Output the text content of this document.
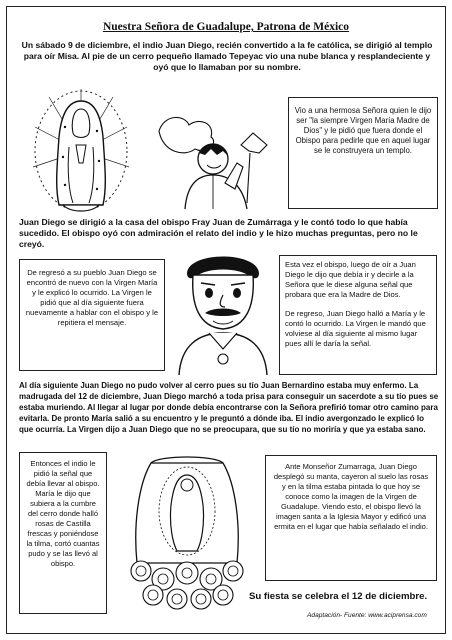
Nuestra Señora de Guadalupe, Patrona de México
Un sábado 9 de diciembre, el indio Juan Diego, recién convertido a la fe católica, se dirigió al templo para oír Misa. Al pie de un cerro pequeño llamado Tepeyac vio una nube blanca y resplandeciente y oyó que lo llamaban por su nombre.
Vio a una hermosa Señora quien le dijo ser "la siempre Virgen María Madre de Dios" y le pidió que fuera donde el Obispo para pedirle que en aquel lugar se le construyera un templo.
Juan Diego se dirigió a la casa del obispo Fray Juan de Zumárraga y le contó todo lo que había sucedido. El obispo oyó con admiración el relato del indio y le hizo muchas preguntas, pero no le creyó.
De regresó a su pueblo Juan Diego se encontró de nuevo con la Virgen María y le explicó lo ocurrido. La Virgen le pidió que al día siguiente fuera nuevamente a hablar con el obispo y le repitiera el mensaje.
Esta vez el obispo, luego de oír a Juan Diego le dijo que debía ir y decirle a la Señora que le diese alguna señal que probara que era la Madre de Dios.
De regreso, Juan Diego halló a María y le contó lo ocurrido. La Virgen le mandó que volviese al día siguiente al mismo lugar pues allí le daría la señal.
Al día siguiente Juan Diego no pudo volver al cerro pues su tío Juan Bernardino estaba muy enfermo. La madrugada del 12 de diciembre, Juan Diego marchó a toda prisa para conseguir un sacerdote a su tío pues se estaba muriendo. Al llegar al lugar por donde debía encontrarse con la Señora prefirió tomar otro camino para evitarla. De pronto María salió a su encuentro y le preguntó a dónde iba. El indio avergonzado le explicó lo que ocurría. La Virgen dijo a Juan Diego que no se preocupara, que su tío no moriría y que ya estaba sano.
Entonces el indio le pidió la señal que debía llevar al obispo. María le dijo que subiera a la cumbre del cerro donde halló rosas de Castilla frescas y poniéndose la tilma, cortó cuantas pudo y se las llevó al obispo.
Ante Monseñor Zumarraga, Juan Diego desplegó su manta, cayeron al suelo las rosas y en la tilma estaba pintada lo que hoy se conoce como la imagen de la Virgen de Guadalupe. Viendo esto, el obispo llevó la imagen santa a la Iglesia Mayor y edificó una ermita en el lugar que había señalado el indio.
Su fiesta se celebra el 12 de diciembre.
Adaptación- Fuente: www.aciprensa.com
